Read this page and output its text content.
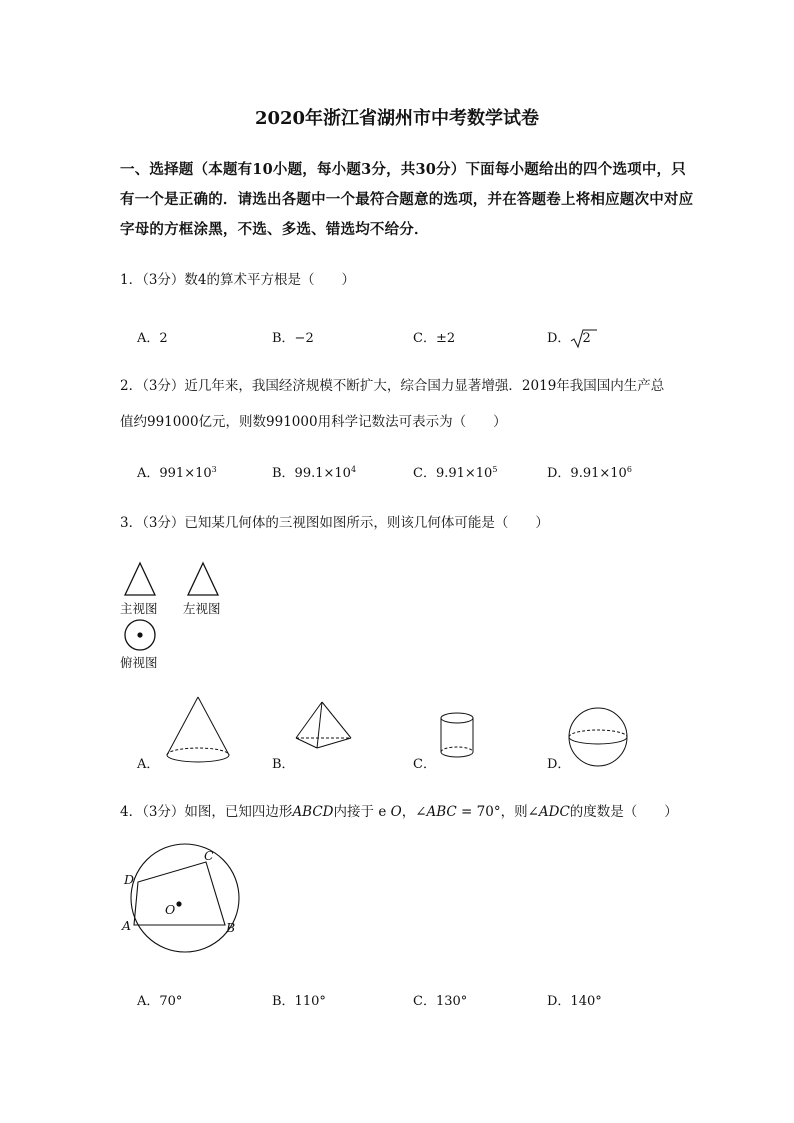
2020年浙江省湖州市中考数学试卷
一、选择题（本题有10小题，每小题3分，共30分）下面每小题给出的四个选项中，只
有一个是正确的．请选出各题中一个最符合题意的选项，并在答题卷上将相应题次中对应
字母的方框涂黑，不选、多选、错选均不给分．
1．（3分）数4的算术平方根是（　　）
A．2	B．−2	C．±2	D． 2
2．（3分）近几年来，我国经济规模不断扩大，综合国力显著增强．2019年我国国内生产总
值约991000亿元，则数991000用科学记数法可表示为（　　）
A．$991\times 10^3$	B．$99.1\times 10^4$	C．$9.91\times 10^5$	D．$9.91\times 10^6$
3．（3分）已知某几何体的三视图如图所示，则该几何体可能是（　　）
主视图 左视图
俯视图
A．	B．	C．	D．
4．（3分）如图，已知四边形ABCD内接于 e O，∠ABC = 70°，则∠ADC的度数是（　　）
A	B
C
D
O
A．70°	B．110°	C．130°	D．140°
